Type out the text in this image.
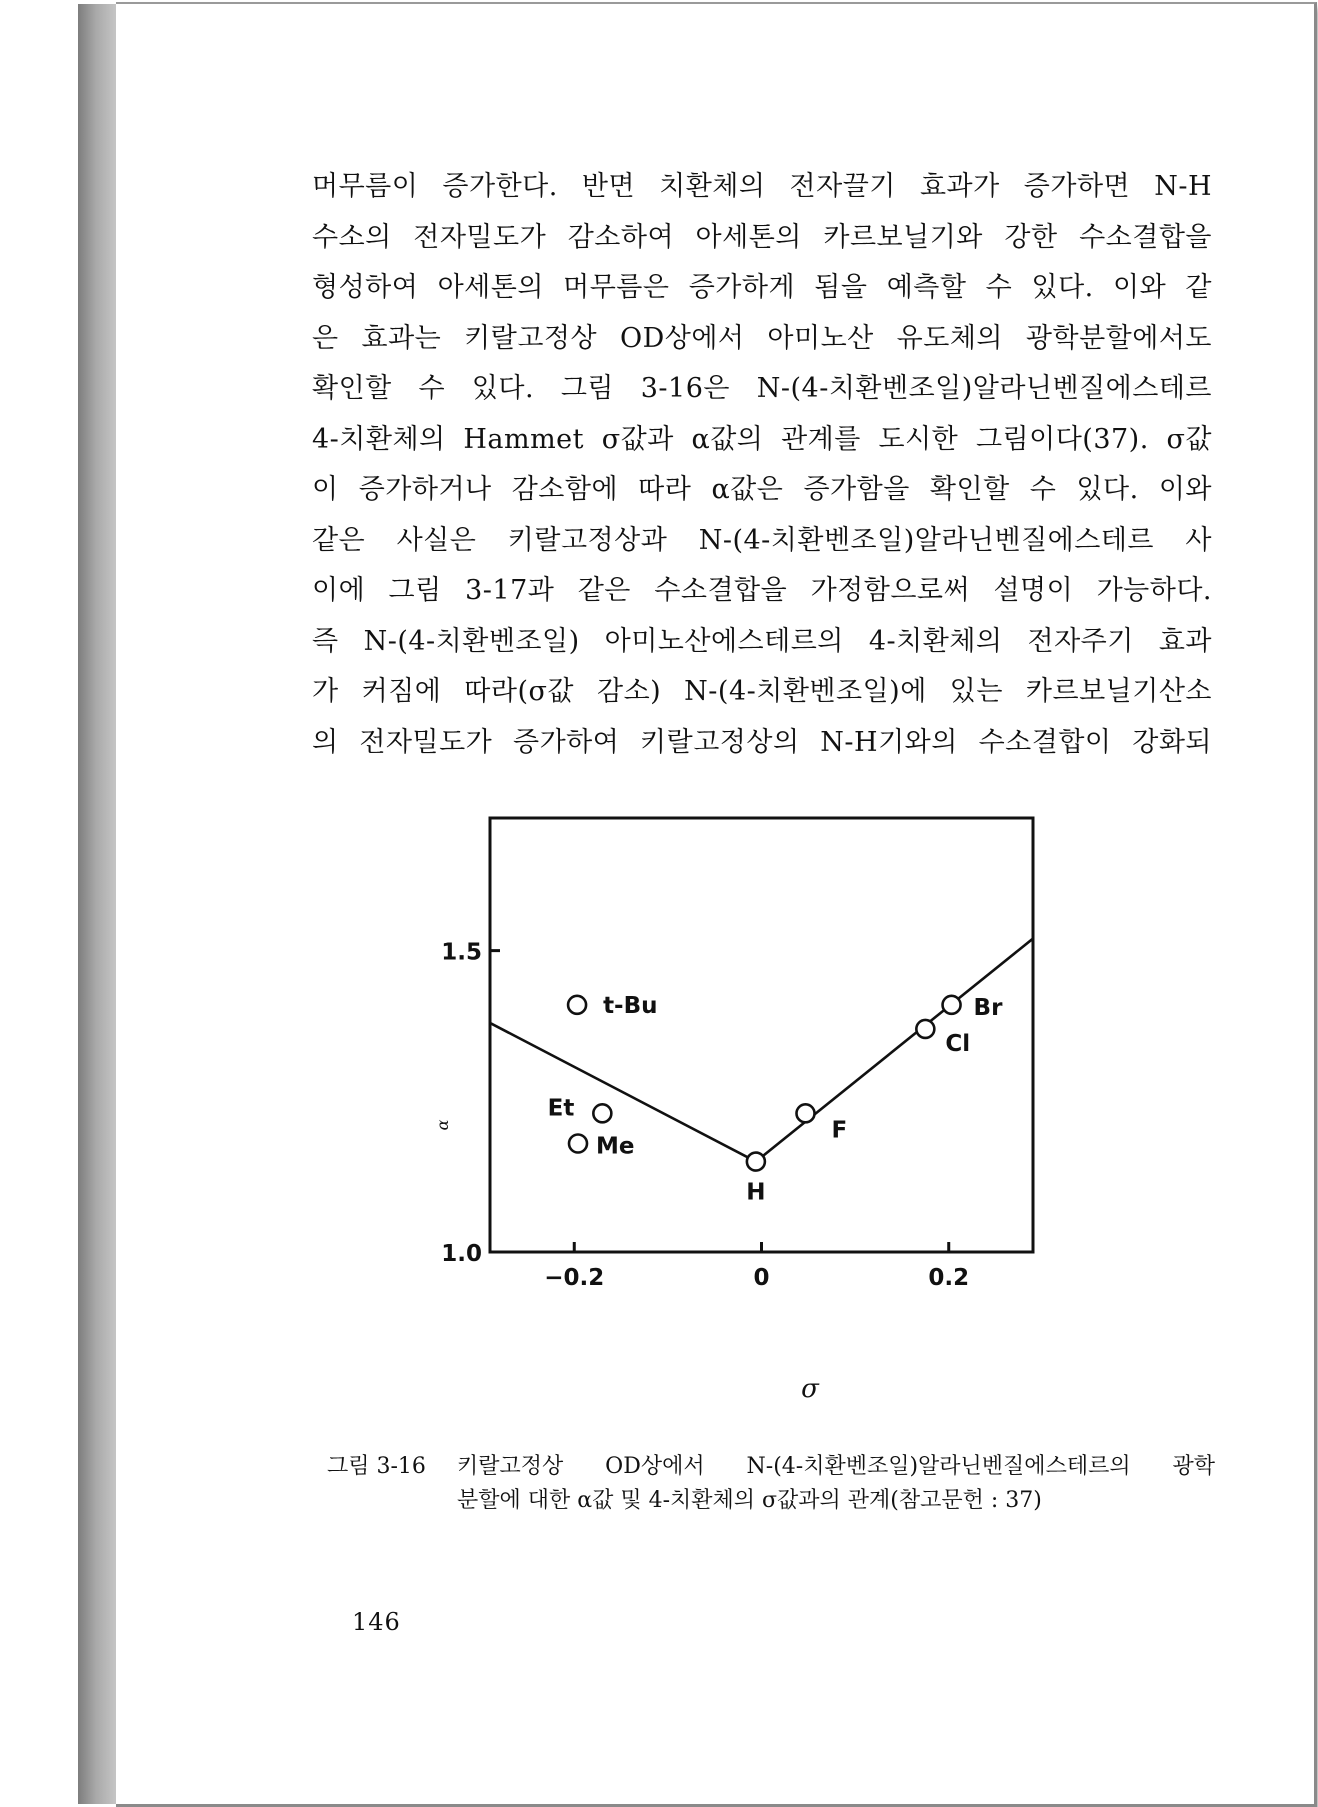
머무름이 증가한다. 반면 치환체의 전자끌기 효과가 증가하면 N-H
수소의 전자밀도가 감소하여 아세톤의 카르보닐기와 강한 수소결합을
형성하여 아세톤의 머무름은 증가하게 됨을 예측할 수 있다. 이와 같
은 효과는 키랄고정상 OD상에서 아미노산 유도체의 광학분할에서도
확인할 수 있다. 그림 3-16은 N-(4-치환벤조일)알라닌벤질에스테르
4-치환체의 Hammet σ값과 α값의 관계를 도시한 그림이다(37). σ값
이 증가하거나 감소함에 따라 α값은 증가함을 확인할 수 있다. 이와
같은 사실은 키랄고정상과 N-(4-치환벤조일)알라닌벤질에스테르 사
이에 그림 3-17과 같은 수소결합을 가정함으로써 설명이 가능하다.
즉 N-(4-치환벤조일) 아미노산에스테르의 4-치환체의 전자주기 효과
가 커짐에 따라(σ값 감소) N-(4-치환벤조일)에 있는 카르보닐기산소
의 전자밀도가 증가하여 키랄고정상의 N-H기와의 수소결합이 강화되
−0.2	0	0.2
1.0
1.5
t-Bu
Et
Me
H
F
Cl
Br
σ
α
그림 3-16 키랄고정상 OD상에서 N-(4-치환벤조일)알라닌벤질에스테르의 광학
분할에 대한 α값 및 4-치환체의 σ값과의 관계(참고문헌 : 37)
146
